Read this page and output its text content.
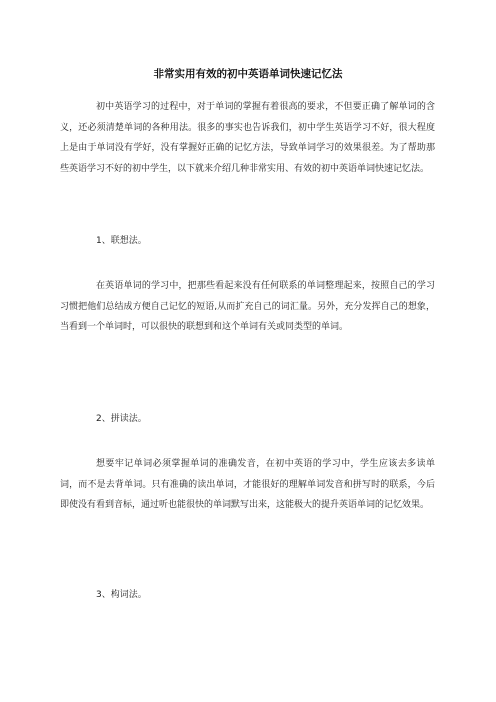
非常实用有效的初中英语单词快速记忆法

初中英语学习的过程中，对于单词的掌握有着很高的要求，不但要正确了解单词的含义，还必须清楚单词的各种用法。很多的事实也告诉我们，初中学生英语学习不好，很大程度上是由于单词没有学好，没有掌握好正确的记忆方法，导致单词学习的效果很差。为了帮助那些英语学习不好的初中学生，以下就来介绍几种非常实用、有效的初中英语单词快速记忆法。

1、联想法。

在英语单词的学习中，把那些看起来没有任何联系的单词整理起来，按照自己的学习习惯把他们总结成方便自己记忆的短语,从而扩充自己的词汇量。另外，充分发挥自己的想象，当看到一个单词时，可以很快的联想到和这个单词有关或同类型的单词。

2、拼读法。

想要牢记单词必须掌握单词的准确发音，在初中英语的学习中，学生应该去多读单词，而不是去背单词。只有准确的读出单词，才能很好的理解单词发音和拼写时的联系，今后即使没有看到音标，通过听也能很快的单词默写出来，这能极大的提升英语单词的记忆效果。

3、构词法。
